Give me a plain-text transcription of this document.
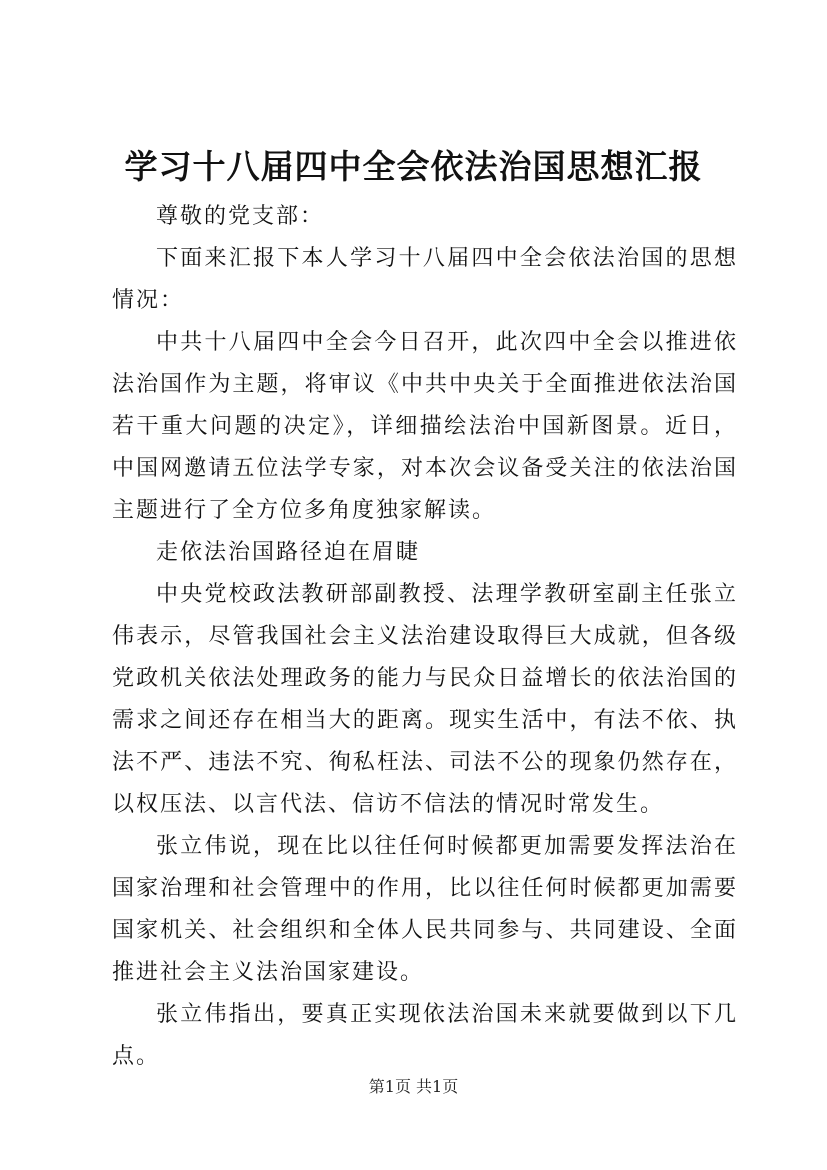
学习十八届四中全会依法治国思想汇报

尊敬的党支部：

下面来汇报下本人学习十八届四中全会依法治国的思想情况：

中共十八届四中全会今日召开，此次四中全会以推进依法治国作为主题，将审议《中共中央关于全面推进依法治国若干重大问题的决定》，详细描绘法治中国新图景。近日，中国网邀请五位法学专家，对本次会议备受关注的依法治国主题进行了全方位多角度独家解读。

走依法治国路径迫在眉睫

中央党校政法教研部副教授、法理学教研室副主任张立伟表示，尽管我国社会主义法治建设取得巨大成就，但各级党政机关依法处理政务的能力与民众日益增长的依法治国的需求之间还存在相当大的距离。现实生活中，有法不依、执法不严、违法不究、徇私枉法、司法不公的现象仍然存在，以权压法、以言代法、信访不信法的情况时常发生。

张立伟说，现在比以往任何时候都更加需要发挥法治在国家治理和社会管理中的作用，比以往任何时候都更加需要国家机关、社会组织和全体人民共同参与、共同建设、全面推进社会主义法治国家建设。

张立伟指出，要真正实现依法治国未来就要做到以下几点。

第1页 共1页
